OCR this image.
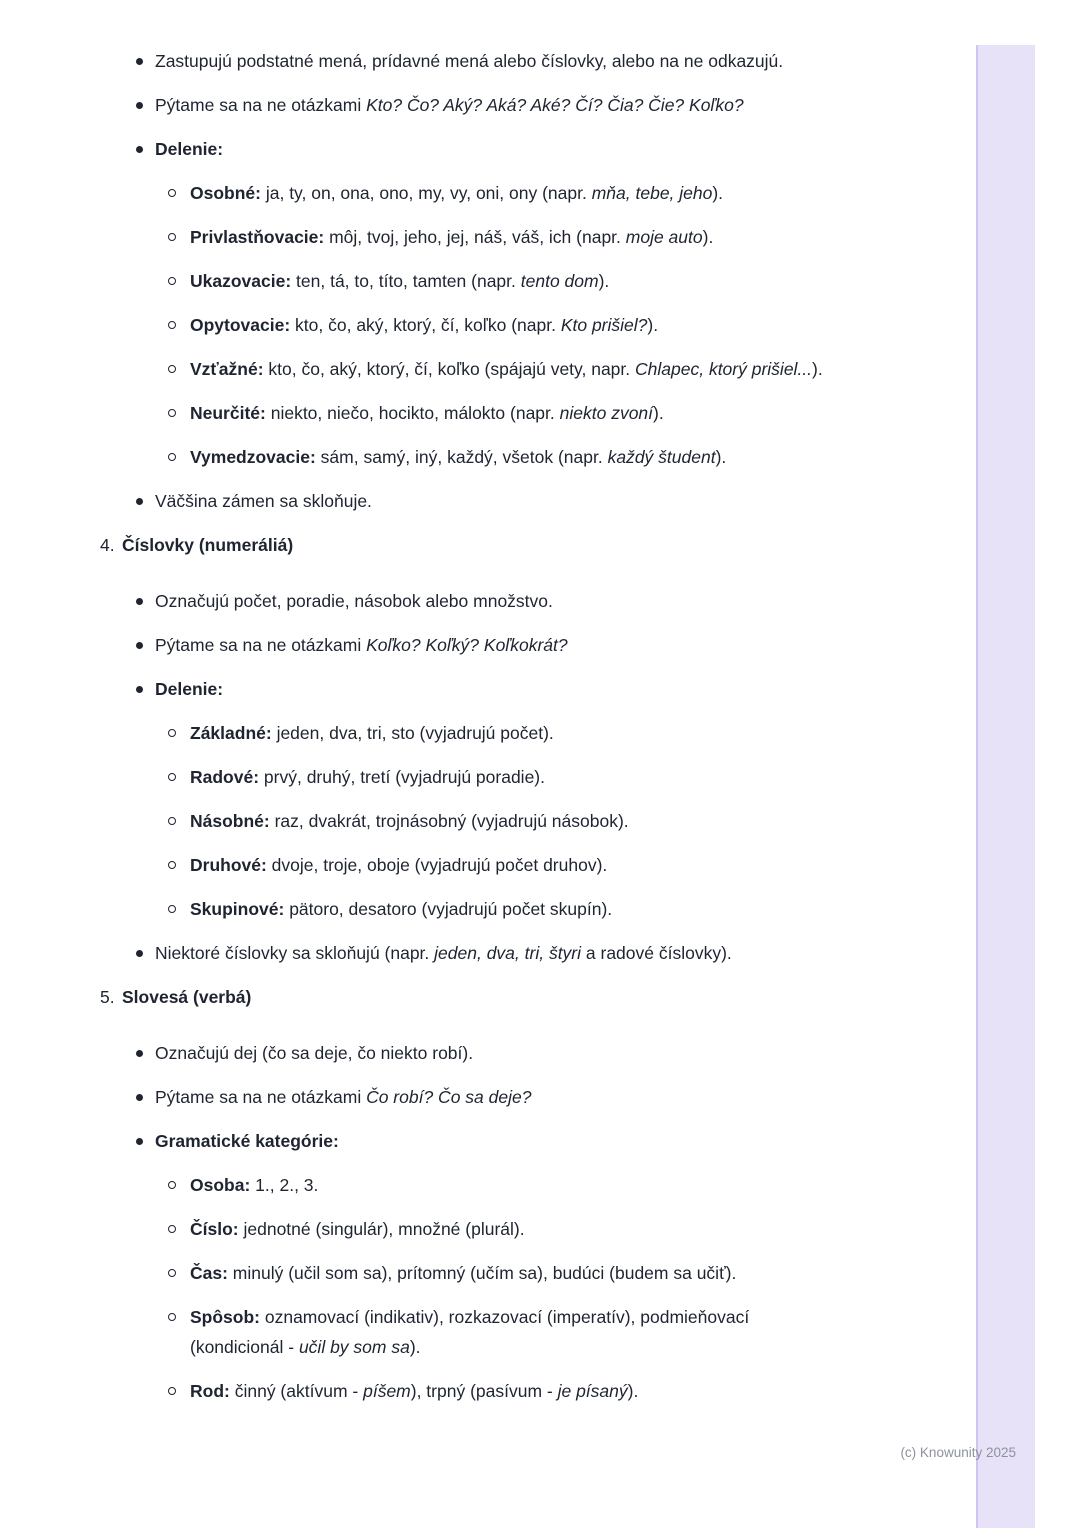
Zastupujú podstatné mená, prídavné mená alebo číslovky, alebo na ne odkazujú.
Pýtame sa na ne otázkami Kto? Čo? Aký? Aká? Aké? Čí? Čia? Čie? Koľko?
Delenie:
Osobné: ja, ty, on, ona, ono, my, vy, oni, ony (napr. mňa, tebe, jeho).
Privlastňovacie: môj, tvoj, jeho, jej, náš, váš, ich (napr. moje auto).
Ukazovacie: ten, tá, to, títo, tamten (napr. tento dom).
Opytovacie: kto, čo, aký, ktorý, čí, koľko (napr. Kto prišiel?).
Vzťažné: kto, čo, aký, ktorý, čí, koľko (spájajú vety, napr. Chlapec, ktorý prišiel...).
Neurčité: niekto, niečo, hocikto, málokto (napr. niekto zvoní).
Vymedzovacie: sám, samý, iný, každý, všetok (napr. každý študent).
Väčšina zámen sa skloňuje.
4. Číslovky (numeráliá)
Označujú počet, poradie, násobok alebo množstvo.
Pýtame sa na ne otázkami Koľko? Koľký? Koľkokrát?
Delenie:
Základné: jeden, dva, tri, sto (vyjadrujú počet).
Radové: prvý, druhý, tretí (vyjadrujú poradie).
Násobné: raz, dvakrát, trojnásobný (vyjadrujú násobok).
Druhové: dvoje, troje, oboje (vyjadrujú počet druhov).
Skupinové: pätoro, desatoro (vyjadrujú počet skupín).
Niektoré číslovky sa skloňujú (napr. jeden, dva, tri, štyri a radové číslovky).
5. Slovesá (verbá)
Označujú dej (čo sa deje, čo niekto robí).
Pýtame sa na ne otázkami Čo robí? Čo sa deje?
Gramatické kategórie:
Osoba: 1., 2., 3.
Číslo: jednotné (singulár), množné (plurál).
Čas: minulý (učil som sa), prítomný (učím sa), budúci (budem sa učiť).
Spôsob: oznamovací (indikativ), rozkazovací (imperatív), podmieňovací (kondicionál - učil by som sa).
Rod: činný (aktívum - píšem), trpný (pasívum - je písaný).
(c) Knowunity 2025
